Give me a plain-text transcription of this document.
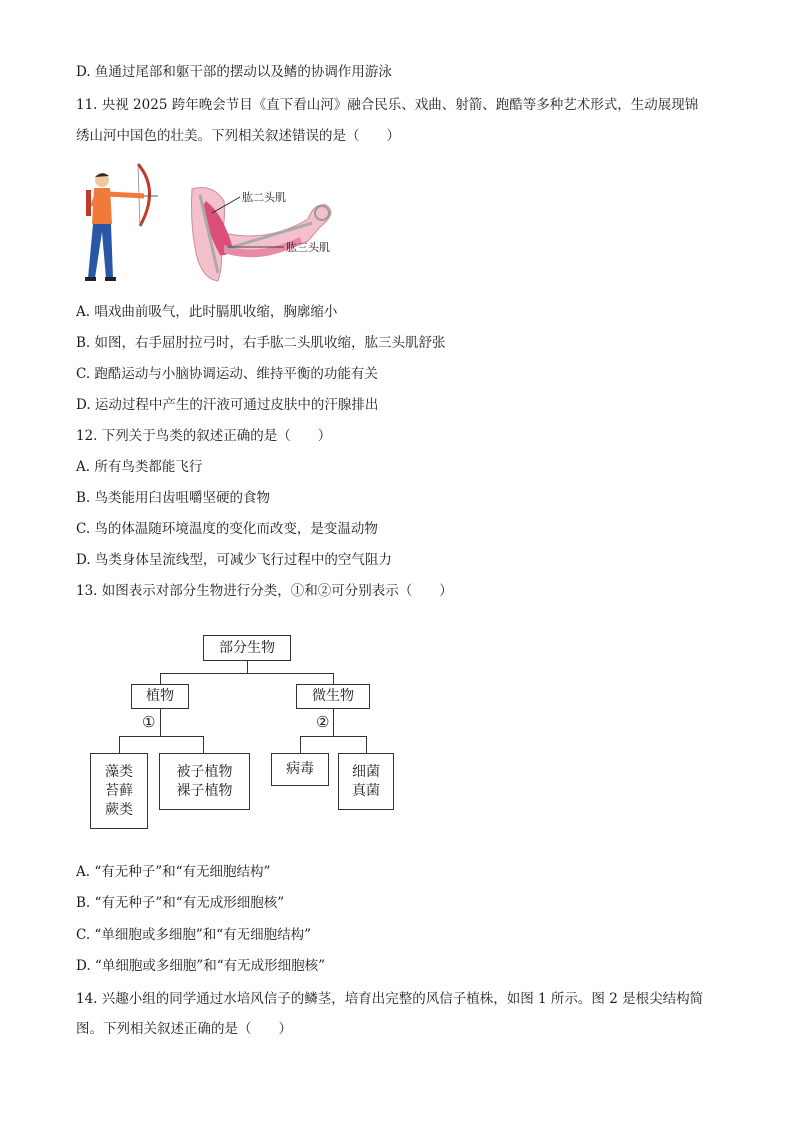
D. 鱼通过尾部和躯干部的摆动以及鳍的协调作用游泳
11. 央视 2025 跨年晚会节目《直下看山河》融合民乐、戏曲、射箭、跑酷等多种艺术形式，生动展现锦
绣山河中国色的壮美。下列相关叙述错误的是（　　）
肱二头肌
肱三头肌
A. 唱戏曲前吸气，此时膈肌收缩，胸廓缩小
B. 如图，右手屈肘拉弓时，右手肱二头肌收缩，肱三头肌舒张
C. 跑酷运动与小脑协调运动、维持平衡的功能有关
D. 运动过程中产生的汗液可通过皮肤中的汗腺排出
12. 下列关于鸟类的叙述正确的是（　　）
A. 所有鸟类都能飞行
B. 鸟类能用臼齿咀嚼坚硬的食物
C. 鸟的体温随环境温度的变化而改变，是变温动物
D. 鸟类身体呈流线型，可减少飞行过程中的空气阻力
13. 如图表示对部分生物进行分类，①和②可分别表示（　　）
部分生物
植物	微生物
①	②
藻类
苔藓
蕨类
被子植物
裸子植物
病毒	细菌
真菌
A. “有无种子”和“有无细胞结构”
B. “有无种子”和“有无成形细胞核”
C. “单细胞或多细胞”和“有无细胞结构”
D. “单细胞或多细胞”和“有无成形细胞核”
14. 兴趣小组的同学通过水培风信子的鳞茎，培育出完整的风信子植株，如图 1 所示。图 2 是根尖结构简
图。下列相关叙述正确的是（　　）
